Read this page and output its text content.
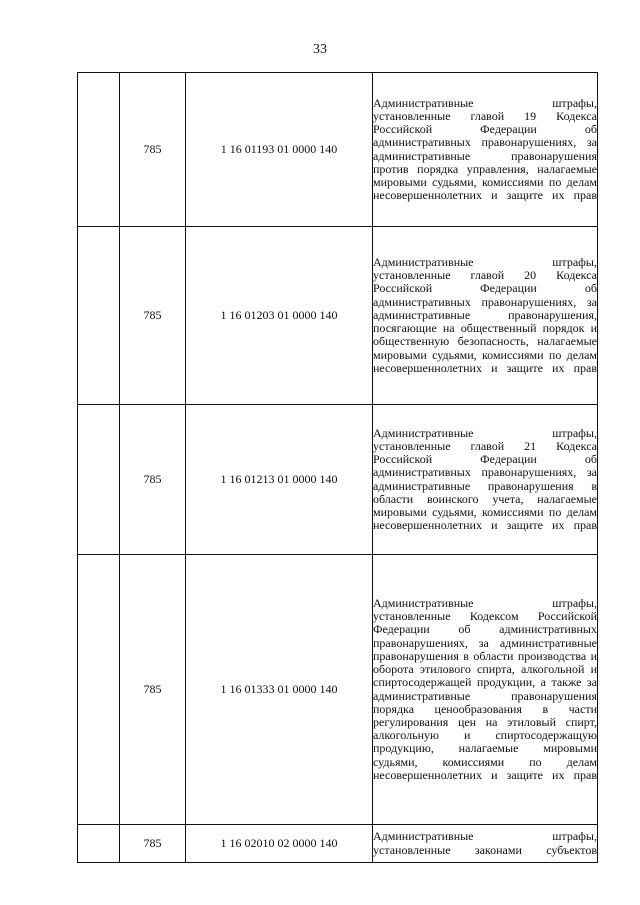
33
	785	1 16 01193 01 0000 140	Административные штрафы, установленные главой 19 Кодекса Российской Федерации об административных правонарушениях, за административные правонарушения против порядка управления, налагаемые мировыми судьями, комиссиями по делам несовершеннолетних и защите их прав

	785	1 16 01203 01 0000 140	Административные штрафы, установленные главой 20 Кодекса Российской Федерации об административных правонарушениях, за административные правонарушения, посягающие на общественный порядок и общественную безопасность, налагаемые мировыми судьями, комиссиями по делам несовершеннолетних и защите их прав

	785	1 16 01213 01 0000 140	Административные штрафы, установленные главой 21 Кодекса Российской Федерации об административных правонарушениях, за административные правонарушения в области воинского учета, налагаемые мировыми судьями, комиссиями по делам несовершеннолетних и защите их прав

	785	1 16 01333 01 0000 140	Административные штрафы, установленные Кодексом Российской Федерации об административных правонарушениях, за административные правонарушения в области производства и оборота этилового спирта, алкогольной и спиртосодержащей продукции, а также за административные правонарушения порядка ценообразования в части регулирования цен на этиловый спирт, алкогольную и спиртосодержащую продукцию, налагаемые мировыми судьями, комиссиями по делам несовершеннолетних и защите их прав

	785	1 16 02010 02 0000 140	Административные штрафы, установленные законами субъектов
